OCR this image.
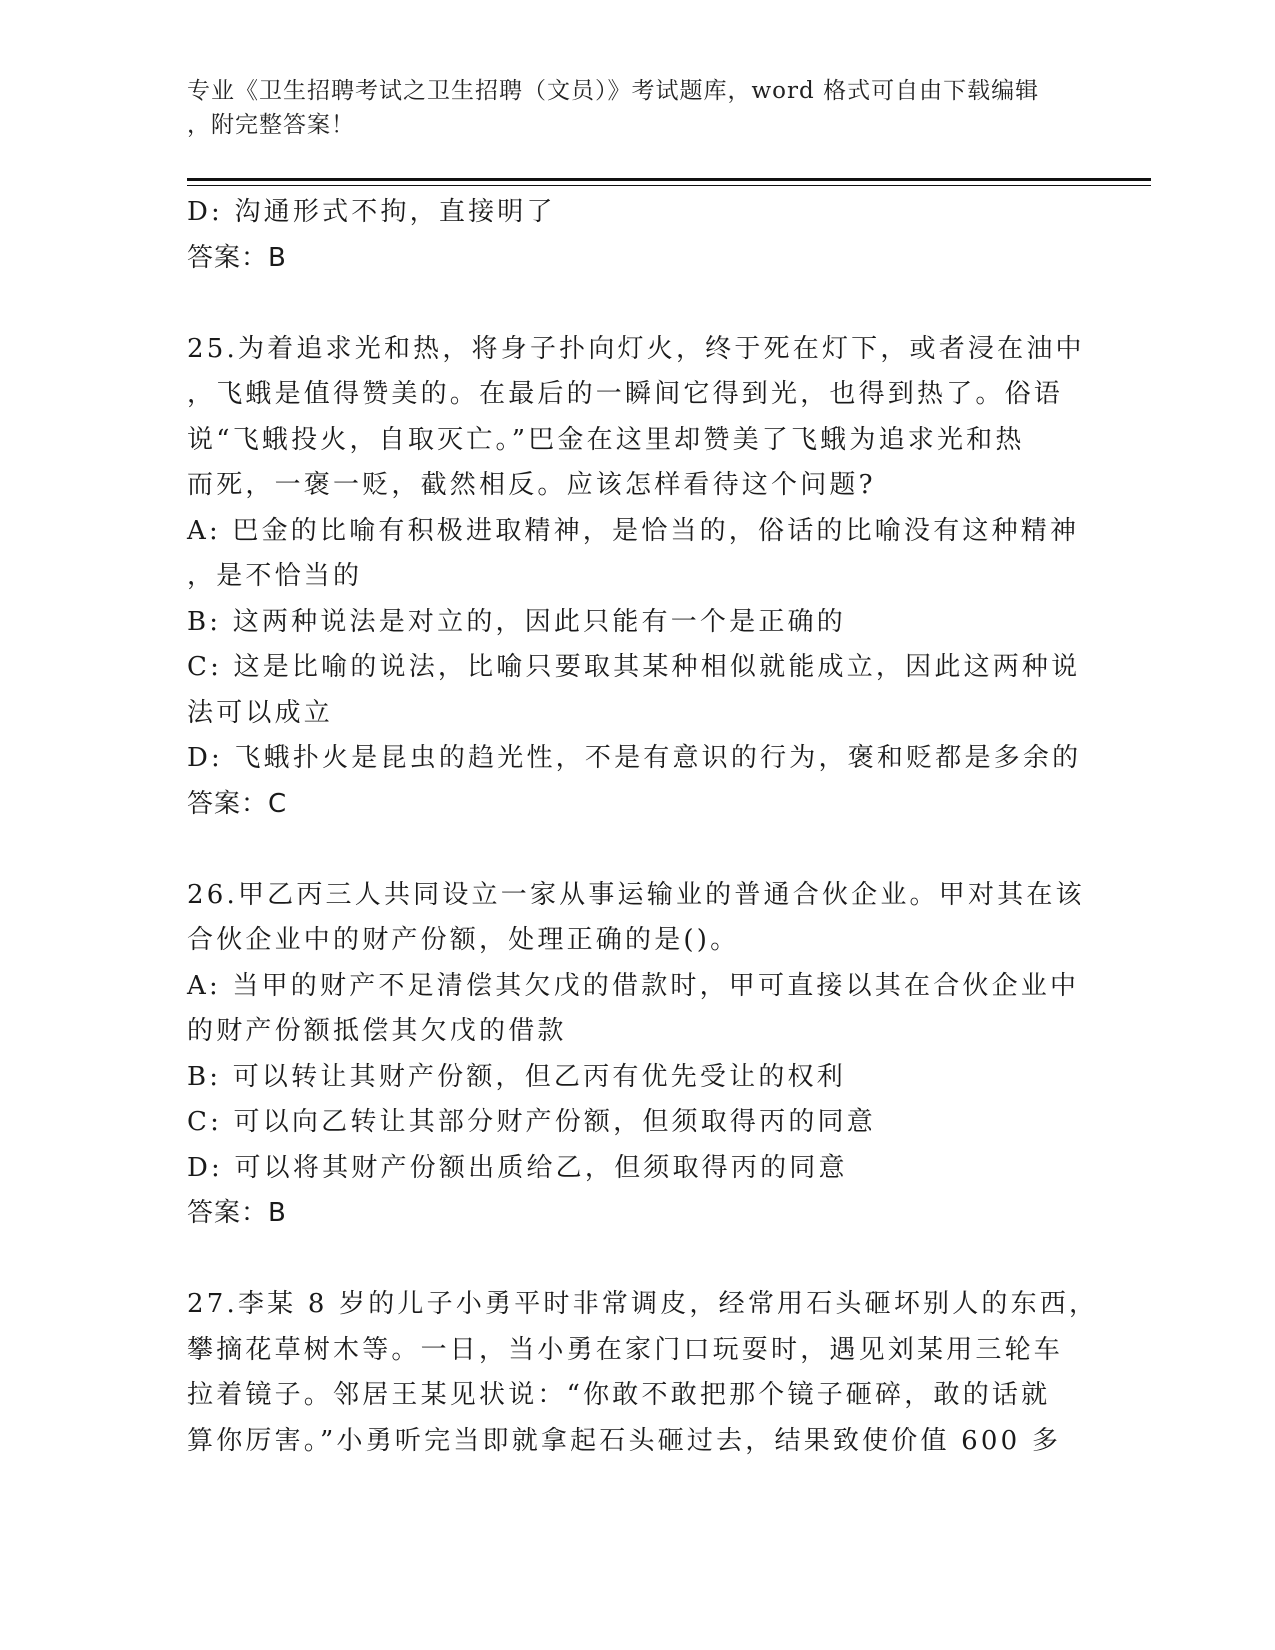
专业《卫生招聘考试之卫生招聘（文员）》考试题库，word 格式可自由下载编辑
，附完整答案！
D: 沟通形式不拘，直接明了
答案：B
25.为着追求光和热，将身子扑向灯火，终于死在灯下，或者浸在油中
，飞蛾是值得赞美的。在最后的一瞬间它得到光，也得到热了。俗语
说“飞蛾投火，自取灭亡。”巴金在这里却赞美了飞蛾为追求光和热
而死，一褒一贬，截然相反。应该怎样看待这个问题?
A: 巴金的比喻有积极进取精神，是恰当的，俗话的比喻没有这种精神
，是不恰当的
B: 这两种说法是对立的，因此只能有一个是正确的
C: 这是比喻的说法，比喻只要取其某种相似就能成立，因此这两种说
法可以成立
D: 飞蛾扑火是昆虫的趋光性，不是有意识的行为，褒和贬都是多余的
答案：C
26.甲乙丙三人共同设立一家从事运输业的普通合伙企业。甲对其在该
合伙企业中的财产份额，处理正确的是()。
A: 当甲的财产不足清偿其欠戊的借款时，甲可直接以其在合伙企业中
的财产份额抵偿其欠戊的借款
B: 可以转让其财产份额，但乙丙有优先受让的权利
C: 可以向乙转让其部分财产份额，但须取得丙的同意
D: 可以将其财产份额出质给乙，但须取得丙的同意
答案：B
27.李某 8 岁的儿子小勇平时非常调皮，经常用石头砸坏别人的东西，
攀摘花草树木等。一日，当小勇在家门口玩耍时，遇见刘某用三轮车
拉着镜子。邻居王某见状说：“你敢不敢把那个镜子砸碎，敢的话就
算你厉害。”小勇听完当即就拿起石头砸过去，结果致使价值 600 多
